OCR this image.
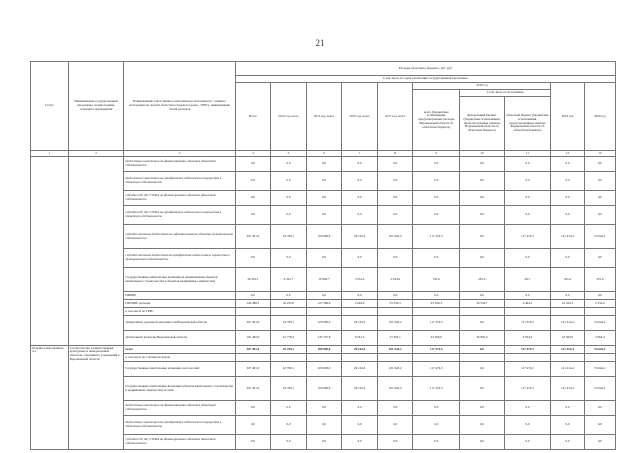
21
Статус	Наименование государственной программы, подпрограммы, основного мероприятия	Наименование ответственного исполнителя, исполнителя - главного распорядителя средств областного бюджета (далее - ГРБС), наименование статей расходов	Расходы областного бюджета, тыс. руб									
			в том числе по годам реализации государственной программы									
			Всего	2014 год, всего	2015 год, всего	2016 год, всего	2017 год, всего	2018 год			2019 год	2020 год
								всего (бюджетные ассигнования, предусмотренные расходы Воронежской области об областном бюджете)	в том числе по источникам			
									федеральный бюджет (бюджетные ассигнования, предусмотренные законом Воронежской области об областном бюджете)	областной бюджет (бюджетные ассигнования, предусмотренные законом Воронежской области об областном бюджете)		
1	2	3	4	5	6	7	8	9	10	11	12	13
		бюджетные инвестиции на финансирование объектов областной собственности	0,0	0,0	0,0	0,0	0,0	0,0	0,0	0,0	0,0	0,0
		бюджетные инвестиции на приобретение недвижимого имущества в областную собственность	0,0	0,0	0,0	0,0	0,0	0,0	0,0	0,0	0,0	0,0
		субсидии ОУ, АУ, ГУПам на финансирование объектов областной собственности	0,0	0,0	0,0	0,0	0,0	0,0	0,0	0,0	0,0	0,0
		субсидии ОУ, АУ, ГУПам на приобретение недвижимого имущества в областную собственность	0,0	0,0	0,0	0,0	0,0	0,0	0,0	0,0	0,0	0,0
		субсидии местным бюджетам на софинансирование объектов муниципальной собственности	367 401,0	43 799,1	100 000,0	29 162,6	101 926,2	117 474,5	0,0	117 474,5	121 414,4	53 644,2
		субсидии местным бюджетам на приобретение недвижимого имущества в муниципальную собственность	0,0	0,0	0,0	0,0	0,0	0,0	0,0	0,0	0,0	0,0
		Государственные капитальные вложения (в наименовании объектов капитального строительства и объектов недвижимого имущества)	36 591,1	9 325,7	10 906,7	3 232,0	2 034,9	331,6	281,9	49,7	331,6	331,6
		НИОКР	0,0	0,0	0,0	0,0	0,0	0,0	0,0	0,0	0,0	0,0
		ПРОЧИЕ расходы	126 288,5	32 252,6	127 286,9	2 029,0	55 230,3	43 329,3	36 554,7	6 494,5	43 029,3	2 332,9
		в том числе по ГРБС										
		Департамент дорожной деятельности Воронежской области	367 401,0	43 799,1	100 000,0	29 162,6	101 926,2	117 474,5	0,0	117 474,5	121 414,4	53 644,2
		Департамент культуры Воронежской области	162 482,0	41 778,3	145 791,8	8 261,3	57 285,1	43 360,9	36 856,0	6 504,2	43 360,9	2 664,4
Основное мероприятие 4.1	Строительство и реконструкция культурных и мемориальных объектов, спортивных учреждений в Воронежской области	всего	367 401,0	43 799,1	100 000,0	29 162,6	101 926,2	117 474,5	0,0	117 474,5	121 414,4	53 644,2
		в том числе по статьям расходов:										
		Государственные капитальные вложения, всего из них:	367 401,0	43 799,1	100 000,0	29 162,6	101 926,2	117 474,5	0,0	117 474,5	121 414,4	53 644,2
		Государственные капитальные вложения (объекты капитального строительства и недвижимого имущества), из них:	367 401,0	43 799,1	100 000,0	29 162,6	101 926,2	117 474,5	0,0	117 474,5	121 414,4	53 644,2
		бюджетные инвестиции на финансирование объектов областной собственности	0,0	0,0	0,0	0,0	0,0	0,0	0,0	0,0	0,0	0,0
		бюджетные инвестиции на приобретение недвижимого имущества в областную собственность	0,0	0,0	0,0	0,0	0,0	0,0	0,0	0,0	0,0	0,0
		субсидии ОУ, АУ, ГУПам на финансирование объектов областной собственности	0,0	0,0	0,0	0,0	0,0	0,0	0,0	0,0	0,0	0,0
